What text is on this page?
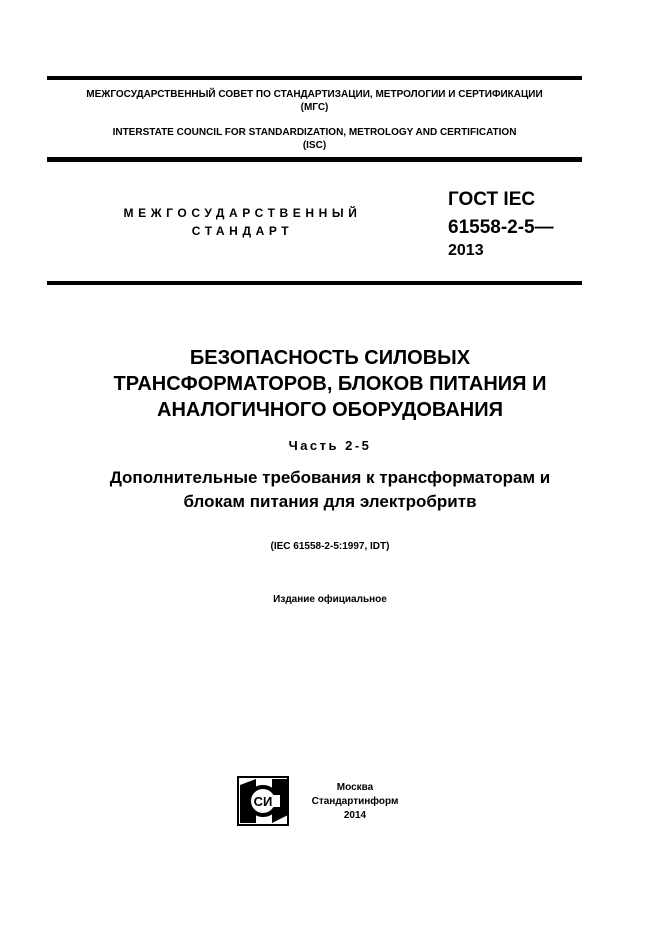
МЕЖГОСУДАРСТВЕННЫЙ СОВЕТ ПО СТАНДАРТИЗАЦИИ, МЕТРОЛОГИИ И СЕРТИФИКАЦИИ
(МГС)
INTERSTATE COUNCIL FOR STANDARDIZATION, METROLOGY AND CERTIFICATION
(ISC)
МЕЖГОСУДАРСТВЕННЫЙ
СТАНДАРТ
ГОСТ IEC
61558-2-5—
2013
БЕЗОПАСНОСТЬ СИЛОВЫХ
ТРАНСФОРМАТОРОВ, БЛОКОВ ПИТАНИЯ И
АНАЛОГИЧНОГО ОБОРУДОВАНИЯ
Часть 2-5
Дополнительные требования к трансформаторам и
блокам питания для электробритв
(IEC 61558-2-5:1997, IDT)
Издание официальное
СИ
Москва
Стандартинформ
2014
